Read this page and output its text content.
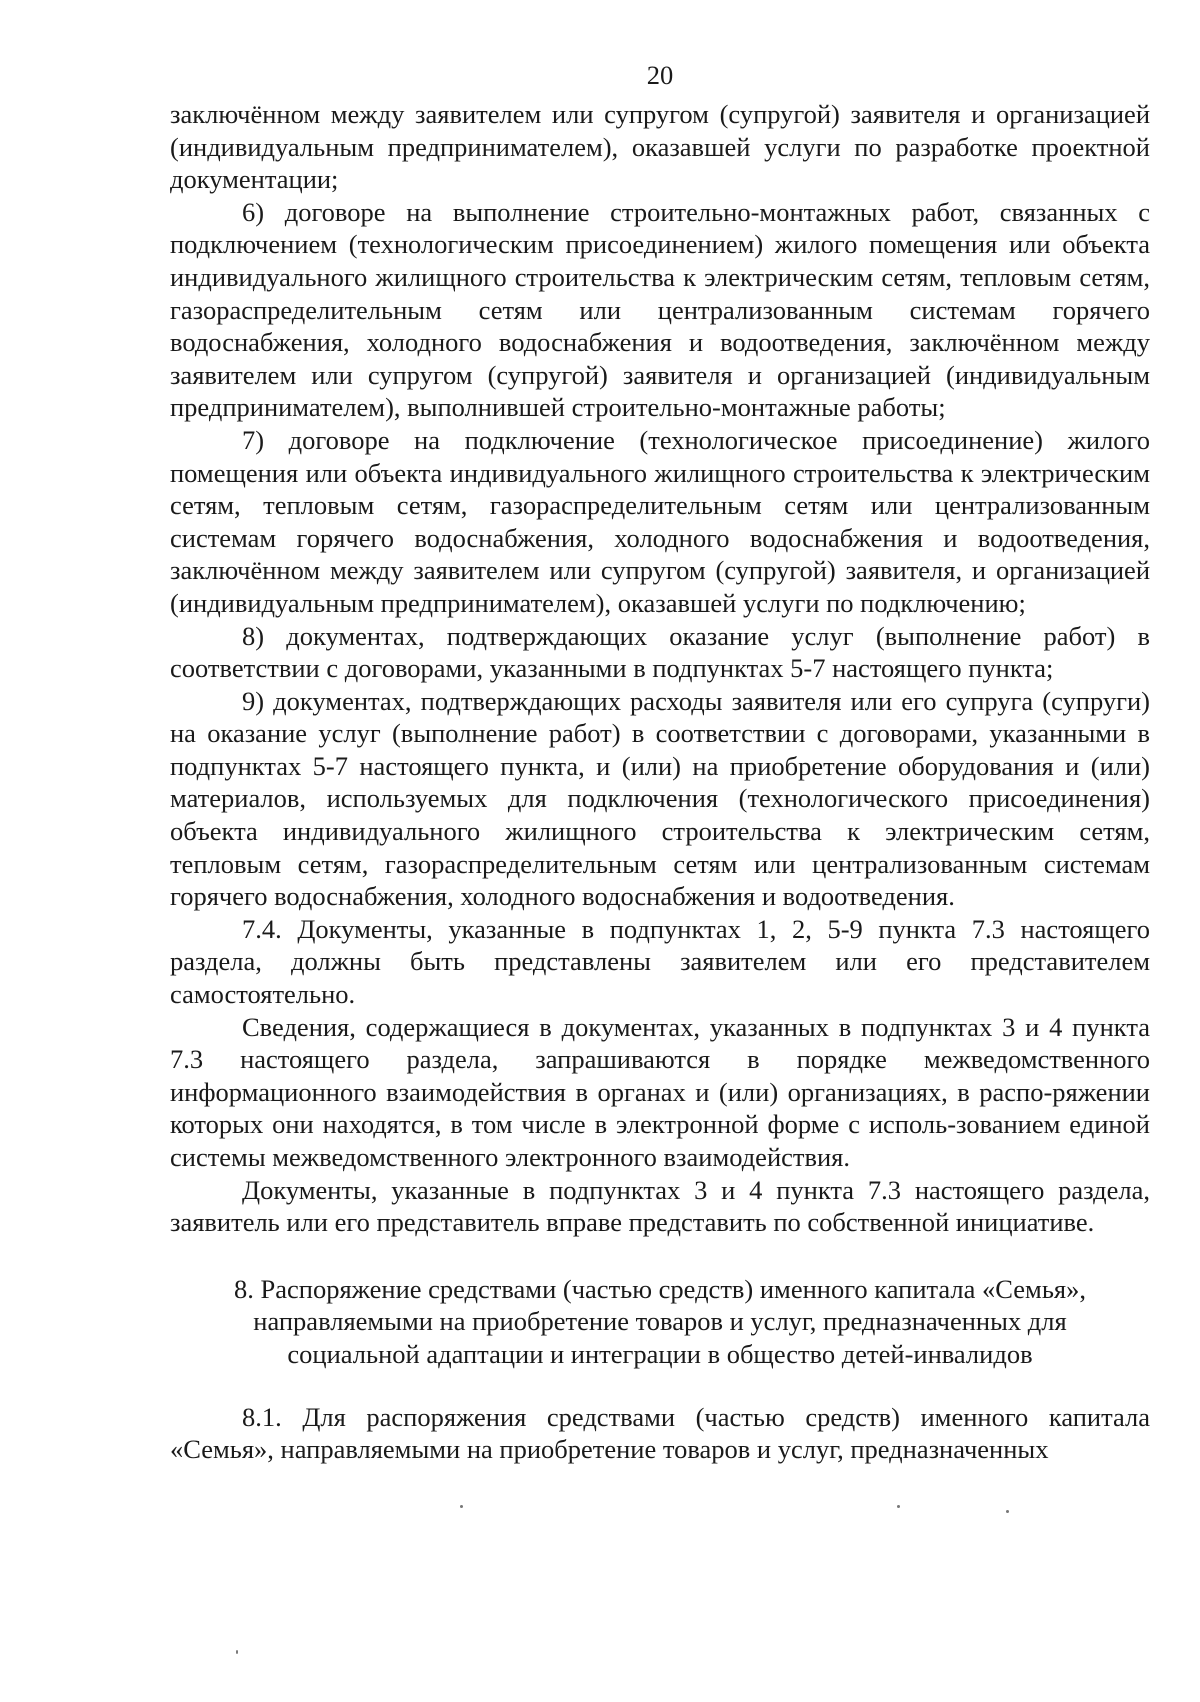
20

заключённом между заявителем или супругом (супругой) заявителя и организацией (индивидуальным предпринимателем), оказавшей услуги по разработке проектной документации;

6) договоре на выполнение строительно-монтажных работ, связанных с подключением (технологическим присоединением) жилого помещения или объекта индивидуального жилищного строительства к электрическим сетям, тепловым сетям, газораспределительным сетям или централизованным системам горячего водоснабжения, холодного водоснабжения и водоотведения, заключённом между заявителем или супругом (супругой) заявителя и организацией (индивидуальным предпринимателем), выполнившей строительно-монтажные работы;

7) договоре на подключение (технологическое присоединение) жилого помещения или объекта индивидуального жилищного строительства к электрическим сетям, тепловым сетям, газораспределительным сетям или централизованным системам горячего водоснабжения, холодного водоснабжения и водоотведения, заключённом между заявителем или супругом (супругой) заявителя, и организацией (индивидуальным предпринимателем), оказавшей услуги по подключению;

8) документах, подтверждающих оказание услуг (выполнение работ) в соответствии с договорами, указанными в подпунктах 5-7 настоящего пункта;

9) документах, подтверждающих расходы заявителя или его супруга (супруги) на оказание услуг (выполнение работ) в соответствии с договорами, указанными в подпунктах 5-7 настоящего пункта, и (или) на приобретение оборудования и (или) материалов, используемых для подключения (технологического присоединения) объекта индивидуального жилищного строительства к электрическим сетям, тепловым сетям, газораспределительным сетям или централизованным системам горячего водоснабжения, холодного водоснабжения и водоотведения.

7.4. Документы, указанные в подпунктах 1, 2, 5-9 пункта 7.3 настоящего раздела, должны быть представлены заявителем или его представителем самостоятельно.

Сведения, содержащиеся в документах, указанных в подпунктах 3 и 4 пункта 7.3 настоящего раздела, запрашиваются в порядке межведомственного информационного взаимодействия в органах и (или) организациях, в распо-ряжении которых они находятся, в том числе в электронной форме с исполь-зованием единой системы межведомственного электронного взаимодействия.

Документы, указанные в подпунктах 3 и 4 пункта 7.3 настоящего раздела, заявитель или его представитель вправе представить по собственной инициативе.

8. Распоряжение средствами (частью средств) именного капитала «Семья»,
направляемыми на приобретение товаров и услуг, предназначенных для
социальной адаптации и интеграции в общество детей-инвалидов

8.1. Для распоряжения средствами (частью средств) именного капитала «Семья», направляемыми на приобретение товаров и услуг, предназначенных
